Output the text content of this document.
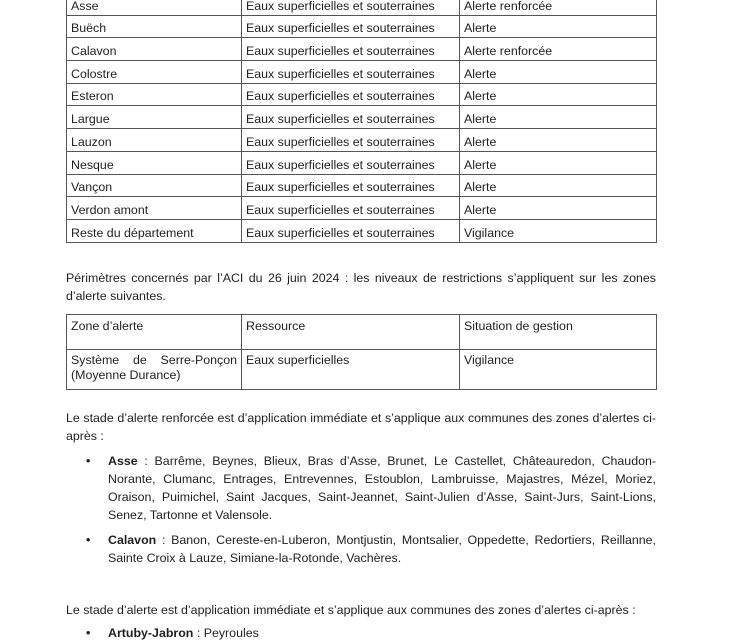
Asse	Eaux superficielles et souterraines	Alerte renforcée
Buëch	Eaux superficielles et souterraines	Alerte
Calavon	Eaux superficielles et souterraines	Alerte renforcée
Colostre	Eaux superficielles et souterraines	Alerte
Esteron	Eaux superficielles et souterraines	Alerte
Largue	Eaux superficielles et souterraines	Alerte
Lauzon	Eaux superficielles et souterraines	Alerte
Nesque	Eaux superficielles et souterraines	Alerte
Vançon	Eaux superficielles et souterraines	Alerte
Verdon amont	Eaux superficielles et souterraines	Alerte
Reste du département	Eaux superficielles et souterraines	Vigilance
Périmètres concernés par l’ACI du 26 juin 2024 : les niveaux de restrictions s’appliquent sur les zones d’alerte suivantes.
Zone d’alerte	Ressource	Situation de gestion
Système de Serre-Ponçon (Moyenne Durance)	Eaux superficielles	Vigilance
Le stade d’alerte renforcée est d’application immédiate et s’applique aux communes des zones d’alertes ci-après :
• Asse : Barrême, Beynes, Blieux, Bras d’Asse, Brunet, Le Castellet, Châteauredon, Chaudon-Norante, Clumanc, Entrages, Entrevennes, Estoublon, Lambruisse, Majastres, Mézel, Moriez, Oraison, Puimichel, Saint Jacques, Saint-Jeannet, Saint-Julien d’Asse, Saint-Jurs, Saint-Lions, Senez, Tartonne et Valensole.
• Calavon : Banon, Cereste-en-Luberon, Montjustin, Montsalier, Oppedette, Redortiers, Reillanne, Sainte Croix à Lauze, Simiane-la-Rotonde, Vachères.
Le stade d’alerte est d’application immédiate et s’applique aux communes des zones d’alertes ci-après :
• Artuby-Jabron : Peyroules
